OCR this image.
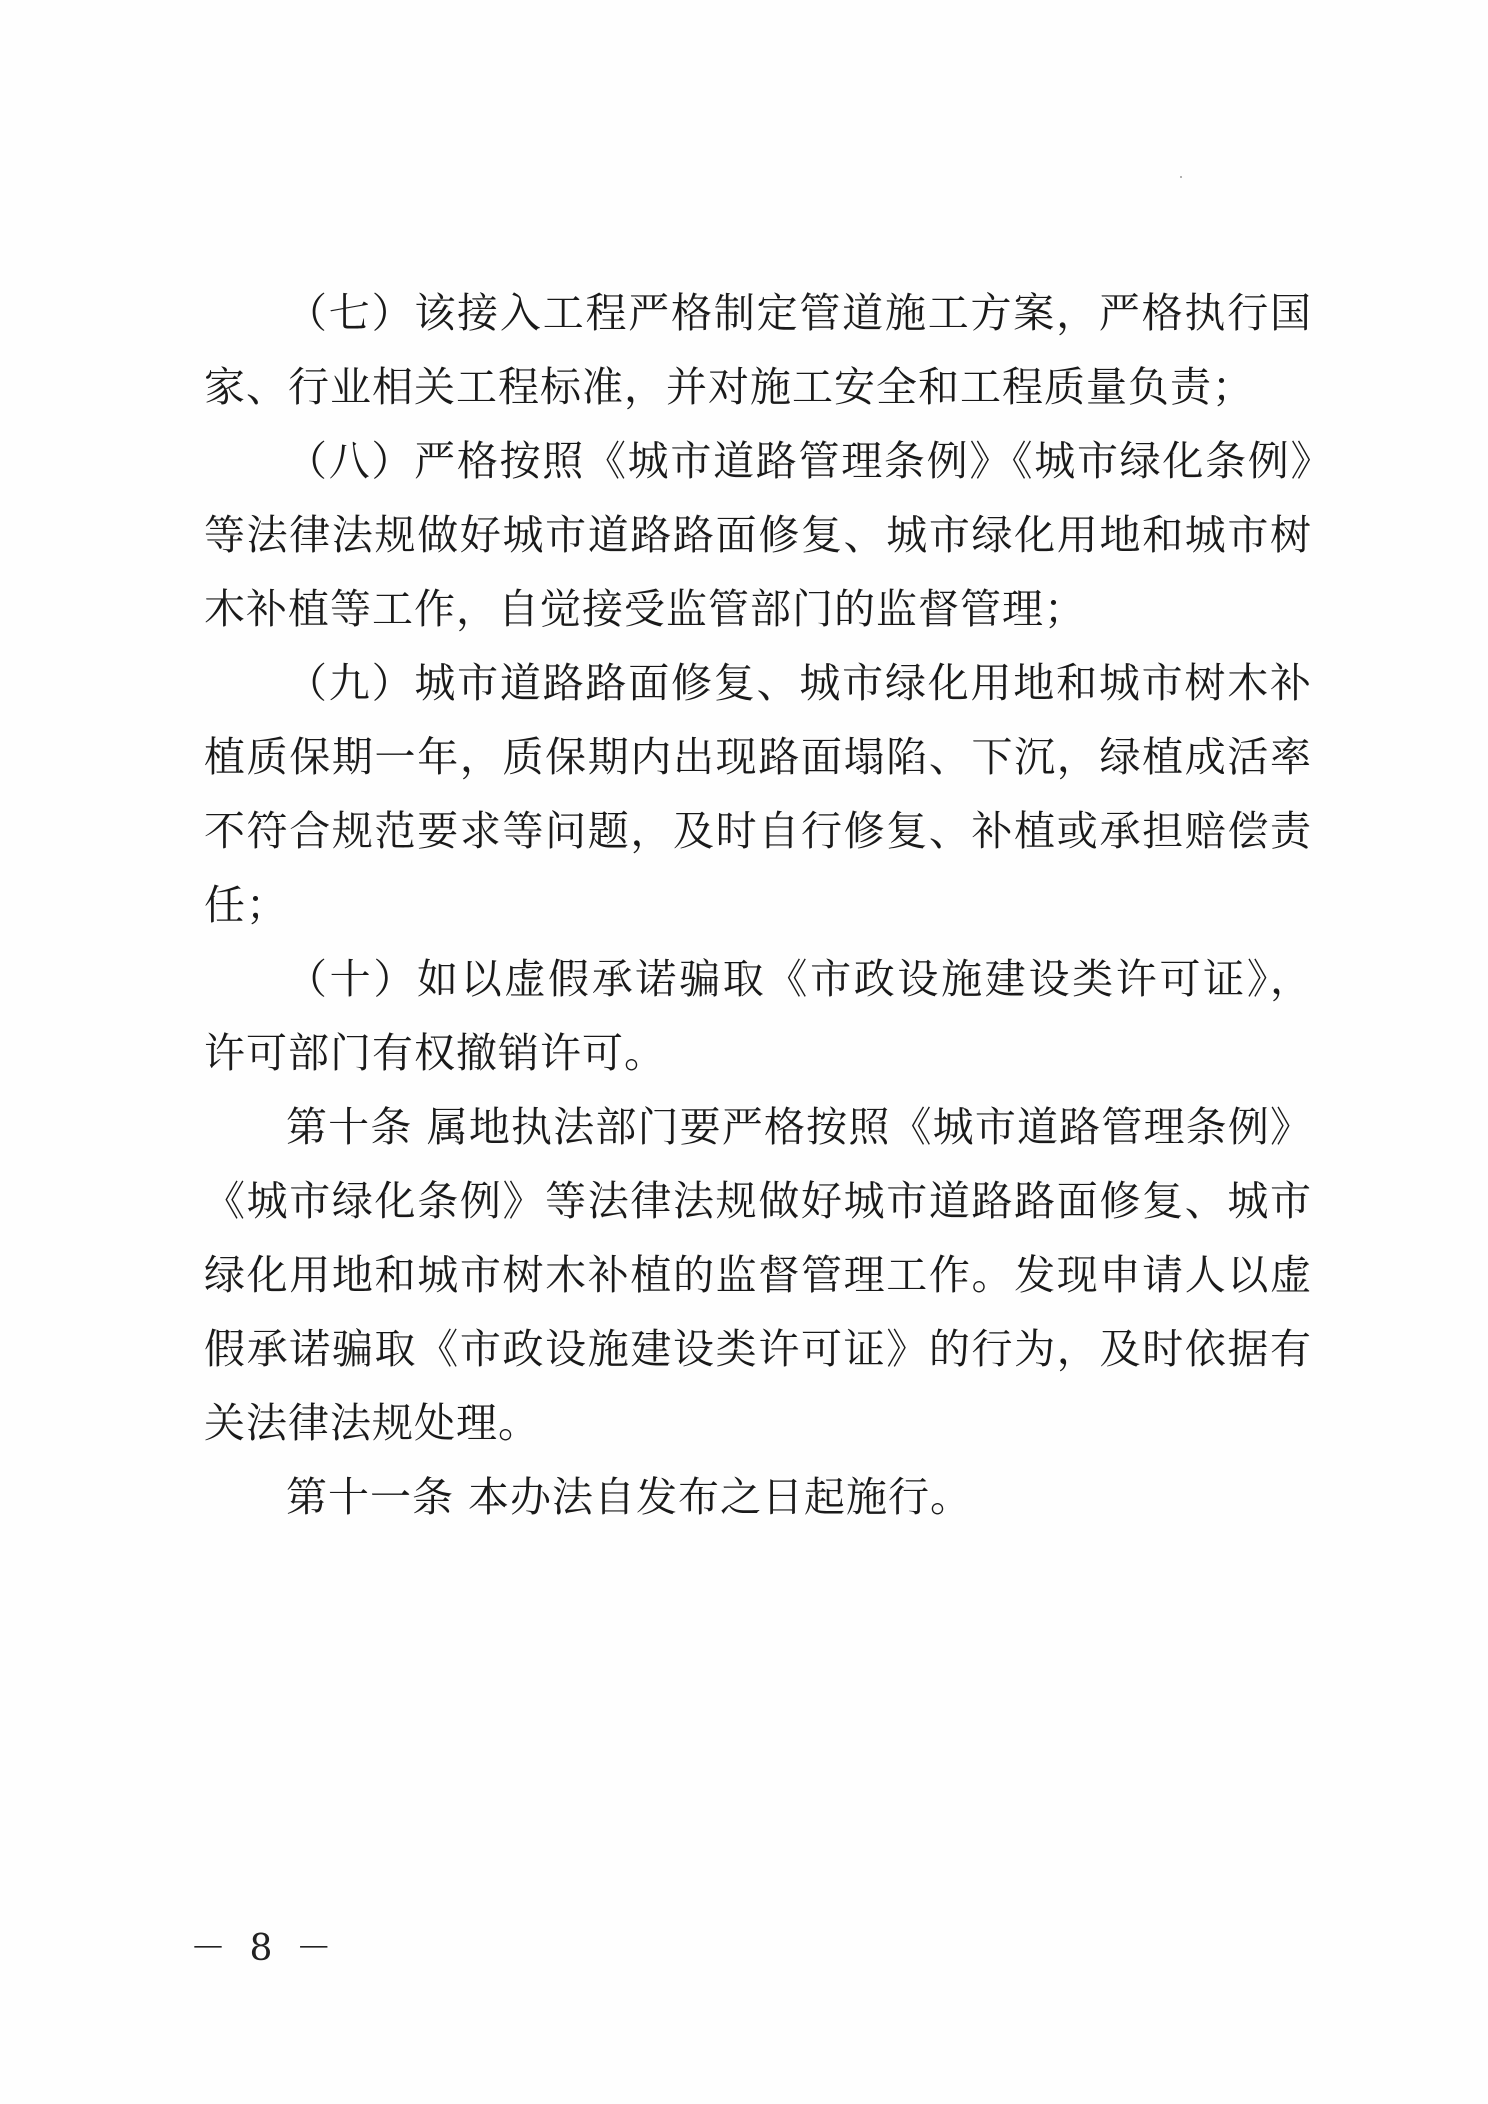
（七）该接入工程严格制定管道施工方案，严格执行国家、行业相关工程标准，并对施工安全和工程质量负责；

（八）严格按照《城市道路管理条例》《城市绿化条例》等法律法规做好城市道路路面修复、城市绿化用地和城市树木补植等工作，自觉接受监管部门的监督管理；

（九）城市道路路面修复、城市绿化用地和城市树木补植质保期一年，质保期内出现路面塌陷、下沉，绿植成活率不符合规范要求等问题，及时自行修复、补植或承担赔偿责任；

（十）如以虚假承诺骗取《市政设施建设类许可证》，许可部门有权撤销许可。

第十条 属地执法部门要严格按照《城市道路管理条例》《城市绿化条例》等法律法规做好城市道路路面修复、城市绿化用地和城市树木补植的监督管理工作。发现申请人以虚假承诺骗取《市政设施建设类许可证》的行为，及时依据有关法律法规处理。

第十一条 本办法自发布之日起施行。

－ 8 －
